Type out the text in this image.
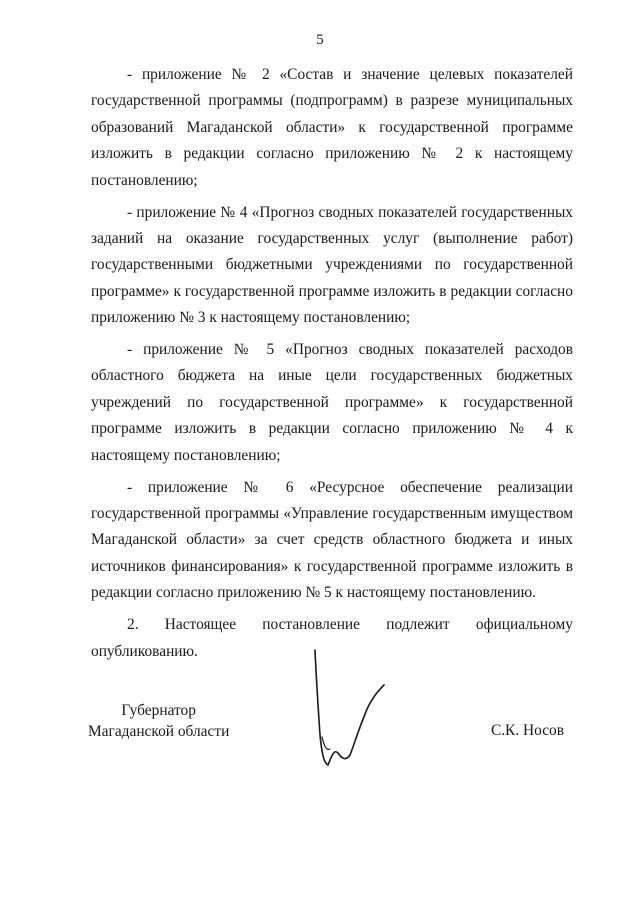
5

- приложение № 2 «Состав и значение целевых показателей государственной программы (подпрограмм) в разрезе муниципальных образований Магаданской области» к государственной программе изложить в редакции согласно приложению № 2 к настоящему постановлению;

- приложение № 4 «Прогноз сводных показателей государственных заданий на оказание государственных услуг (выполнение работ) государственными бюджетными учреждениями по государственной программе» к государственной программе изложить в редакции согласно приложению № 3 к настоящему постановлению;

- приложение № 5 «Прогноз сводных показателей расходов областного бюджета на иные цели государственных бюджетных учреждений по государственной программе» к государственной программе изложить в редакции согласно приложению № 4 к настоящему постановлению;

- приложение № 6 «Ресурсное обеспечение реализации государственной программы «Управление государственным имуществом Магаданской области» за счет средств областного бюджета и иных источников финансирования» к государственной программе изложить в редакции согласно приложению № 5 к настоящему постановлению.

2. Настоящее постановление подлежит официальному опубликованию.

Губернатор
Магаданской области	С.К. Носов
